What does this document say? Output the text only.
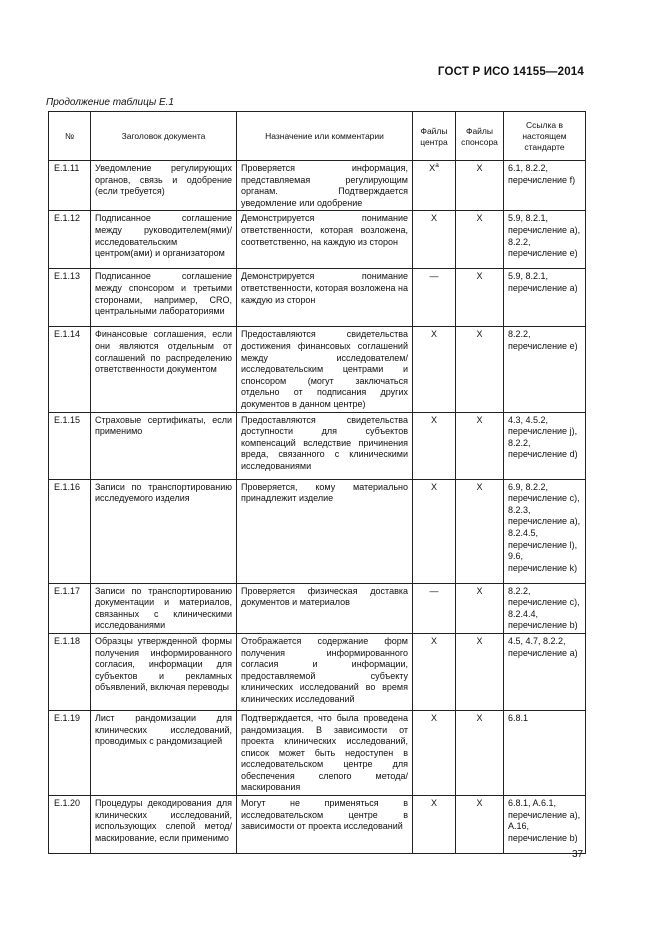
ГОСТ Р ИСО 14155—2014
Продолжение таблицы Е.1
№	Заголовок документа	Назначение или комментарии	Файлы центра	Файлы спонсора	Ссылка в настоящем стандарте
Е.1.11	Уведомление регулирующих органов, связь и одобрение (если требуется)	Проверяется информация, представляемая регулирующим органам. Подтверждается уведомление или одобрение	$X^a$	X	6.1, 8.2.2, перечисление f)
Е.1.12	Подписанное соглашение между руководителем(ями)/ исследовательским центром(ами) и организатором	Демонстрируется понимание ответственности, которая возложена, соответственно, на каждую из сторон	X	X	5.9, 8.2.1, перечисление a), 8.2.2, перечисление e)
Е.1.13	Подписанное соглашение между спонсором и третьими сторонами, например, CRO, центральными лабораториями	Демонстрируется понимание ответственности, которая возложена на каждую из сторон	—	X	5.9, 8.2.1, перечисление a)
Е.1.14	Финансовые соглашения, если они являются отдельным от соглашений по распределению ответственности документом	Предоставляются свидетельства достижения финансовых соглашений между исследователем/ исследовательским центрами и спонсором (могут заключаться отдельно от подписания других документов в данном центре)	X	X	8.2.2, перечисление e)
Е.1.15	Страховые сертификаты, если применимо	Предоставляются свидетельства доступности для субъектов компенсаций вследствие причинения вреда, связанного с клиническими исследованиями	X	X	4.3, 4.5.2, перечисление j), 8.2.2, перечисление d)
Е.1.16	Записи по транспортированию исследуемого изделия	Проверяется, кому материально принадлежит изделие	X	X	6.9, 8.2.2, перечисление c), 8.2.3, перечисление a), 8.2.4.5, перечисление l), 9.6, перечисление k)
Е.1.17	Записи по транспортированию документации и материалов, связанных с клиническими исследованиями	Проверяется физическая доставка документов и материалов	—	X	8.2.2, перечисление c), 8.2.4.4, перечисление b)
Е.1.18	Образцы утвержденной формы получения информированного согласия, информации для субъектов и рекламных объявлений, включая переводы	Отображается содержание форм получения информированного согласия и информации, предоставляемой субъекту клинических исследований во время клинических исследований	X	X	4.5, 4.7, 8.2.2, перечисление a)
Е.1.19	Лист рандомизации для клинических исследований, проводимых с рандомизацией	Подтверждается, что была проведена рандомизация. В зависимости от проекта клинических исследований, список может быть недоступен в исследовательском центре для обеспечения слепого метода/маскирования	X	X	6.8.1
Е.1.20	Процедуры декодирования для клинических исследований, использующих слепой метод/ маскирование, если применимо	Могут не применяться в исследовательском центре в зависимости от проекта исследований	X	X	6.8.1, A.6.1, перечисление a), A.16, перечисление b)
37
